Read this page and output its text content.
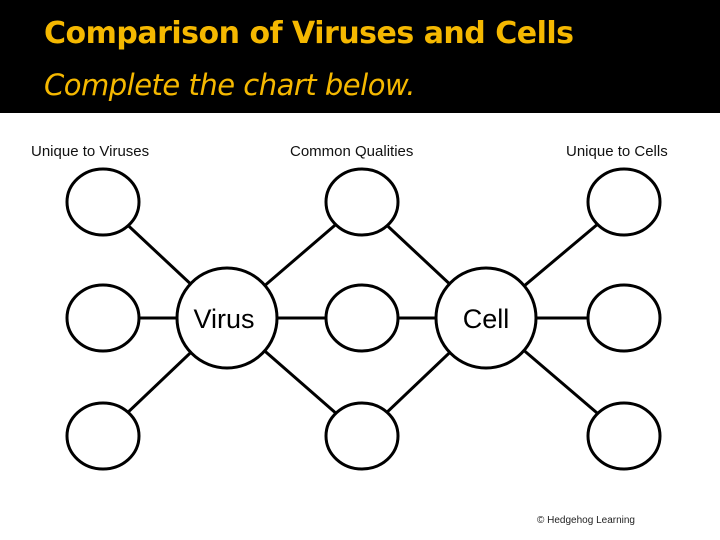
Comparison of Viruses and Cells
Complete the chart below.
Unique to Viruses	Common Qualities	Unique to Cells
Virus	Cell
© Hedgehog Learning
